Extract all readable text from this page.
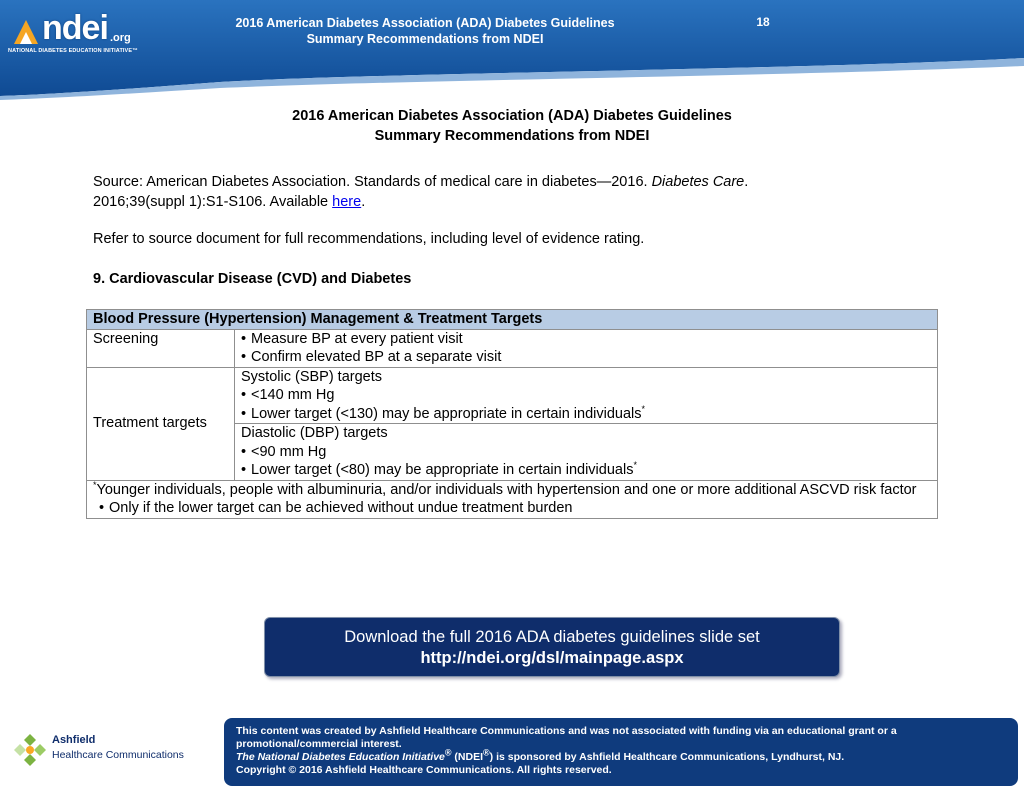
ndei .org
NATIONAL DIABETES EDUCATION INITIATIVE™
2016 American Diabetes Association (ADA) Diabetes Guidelines
Summary Recommendations from NDEI
18
2016 American Diabetes Association (ADA) Diabetes Guidelines
Summary Recommendations from NDEI
Source: American Diabetes Association. Standards of medical care in diabetes—2016. Diabetes Care.
2016;39(suppl 1):S1-S106. Available here.
Refer to source document for full recommendations, including level of evidence rating.
9. Cardiovascular Disease (CVD) and Diabetes
Blood Pressure (Hypertension) Management & Treatment Targets	
Screening	• Measure BP at every patient visit
• Confirm elevated BP at a separate visit

Treatment targets	Systolic (SBP) targets
• <140 mm Hg
• Lower target (<130) may be appropriate in certain individuals*

	Diastolic (DBP) targets
• <90 mm Hg
• Lower target (<80) may be appropriate in certain individuals*

*Younger individuals, people with albuminuria, and/or individuals with hypertension and one or more additional ASCVD risk factor
• Only if the lower target can be achieved without undue treatment burden
Download the full 2016 ADA diabetes guidelines slide set
http://ndei.org/dsl/mainpage.aspx
Ashfield
Healthcare Communications
This content was created by Ashfield Healthcare Communications and was not associated with funding via an educational grant or a promotional/commercial interest.
The National Diabetes Education Initiative® (NDEI®) is sponsored by Ashfield Healthcare Communications, Lyndhurst, NJ.
Copyright © 2016 Ashfield Healthcare Communications. All rights reserved.
